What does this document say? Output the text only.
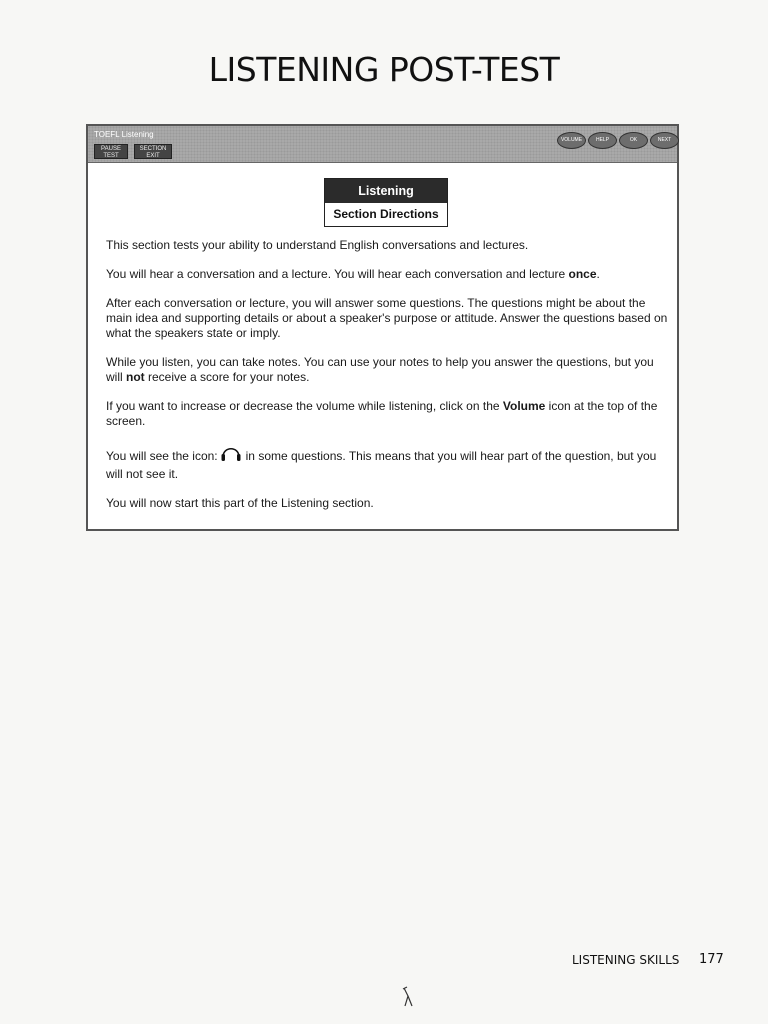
LISTENING POST-TEST
TOEFL Listening
PAUSE
TEST
SECTION
EXIT
VOLUME	HELP	OK	NEXT
Listening
Section Directions

This section tests your ability to understand English conversations and lectures.

You will hear a conversation and a lecture. You will hear each conversation and lecture once.

After each conversation or lecture, you will answer some questions. The questions might be about the main idea and supporting details or about a speaker's purpose or attitude. Answer the questions based on what the speakers state or imply.

While you listen, you can take notes. You can use your notes to help you answer the questions, but you will not receive a score for your notes.

If you want to increase or decrease the volume while listening, click on the Volume icon at the top of the screen.

You will see the icon: in some questions. This means that you will hear part of the question, but you will not see it.

You will now start this part of the Listening section.

LISTENING SKILLS 177
